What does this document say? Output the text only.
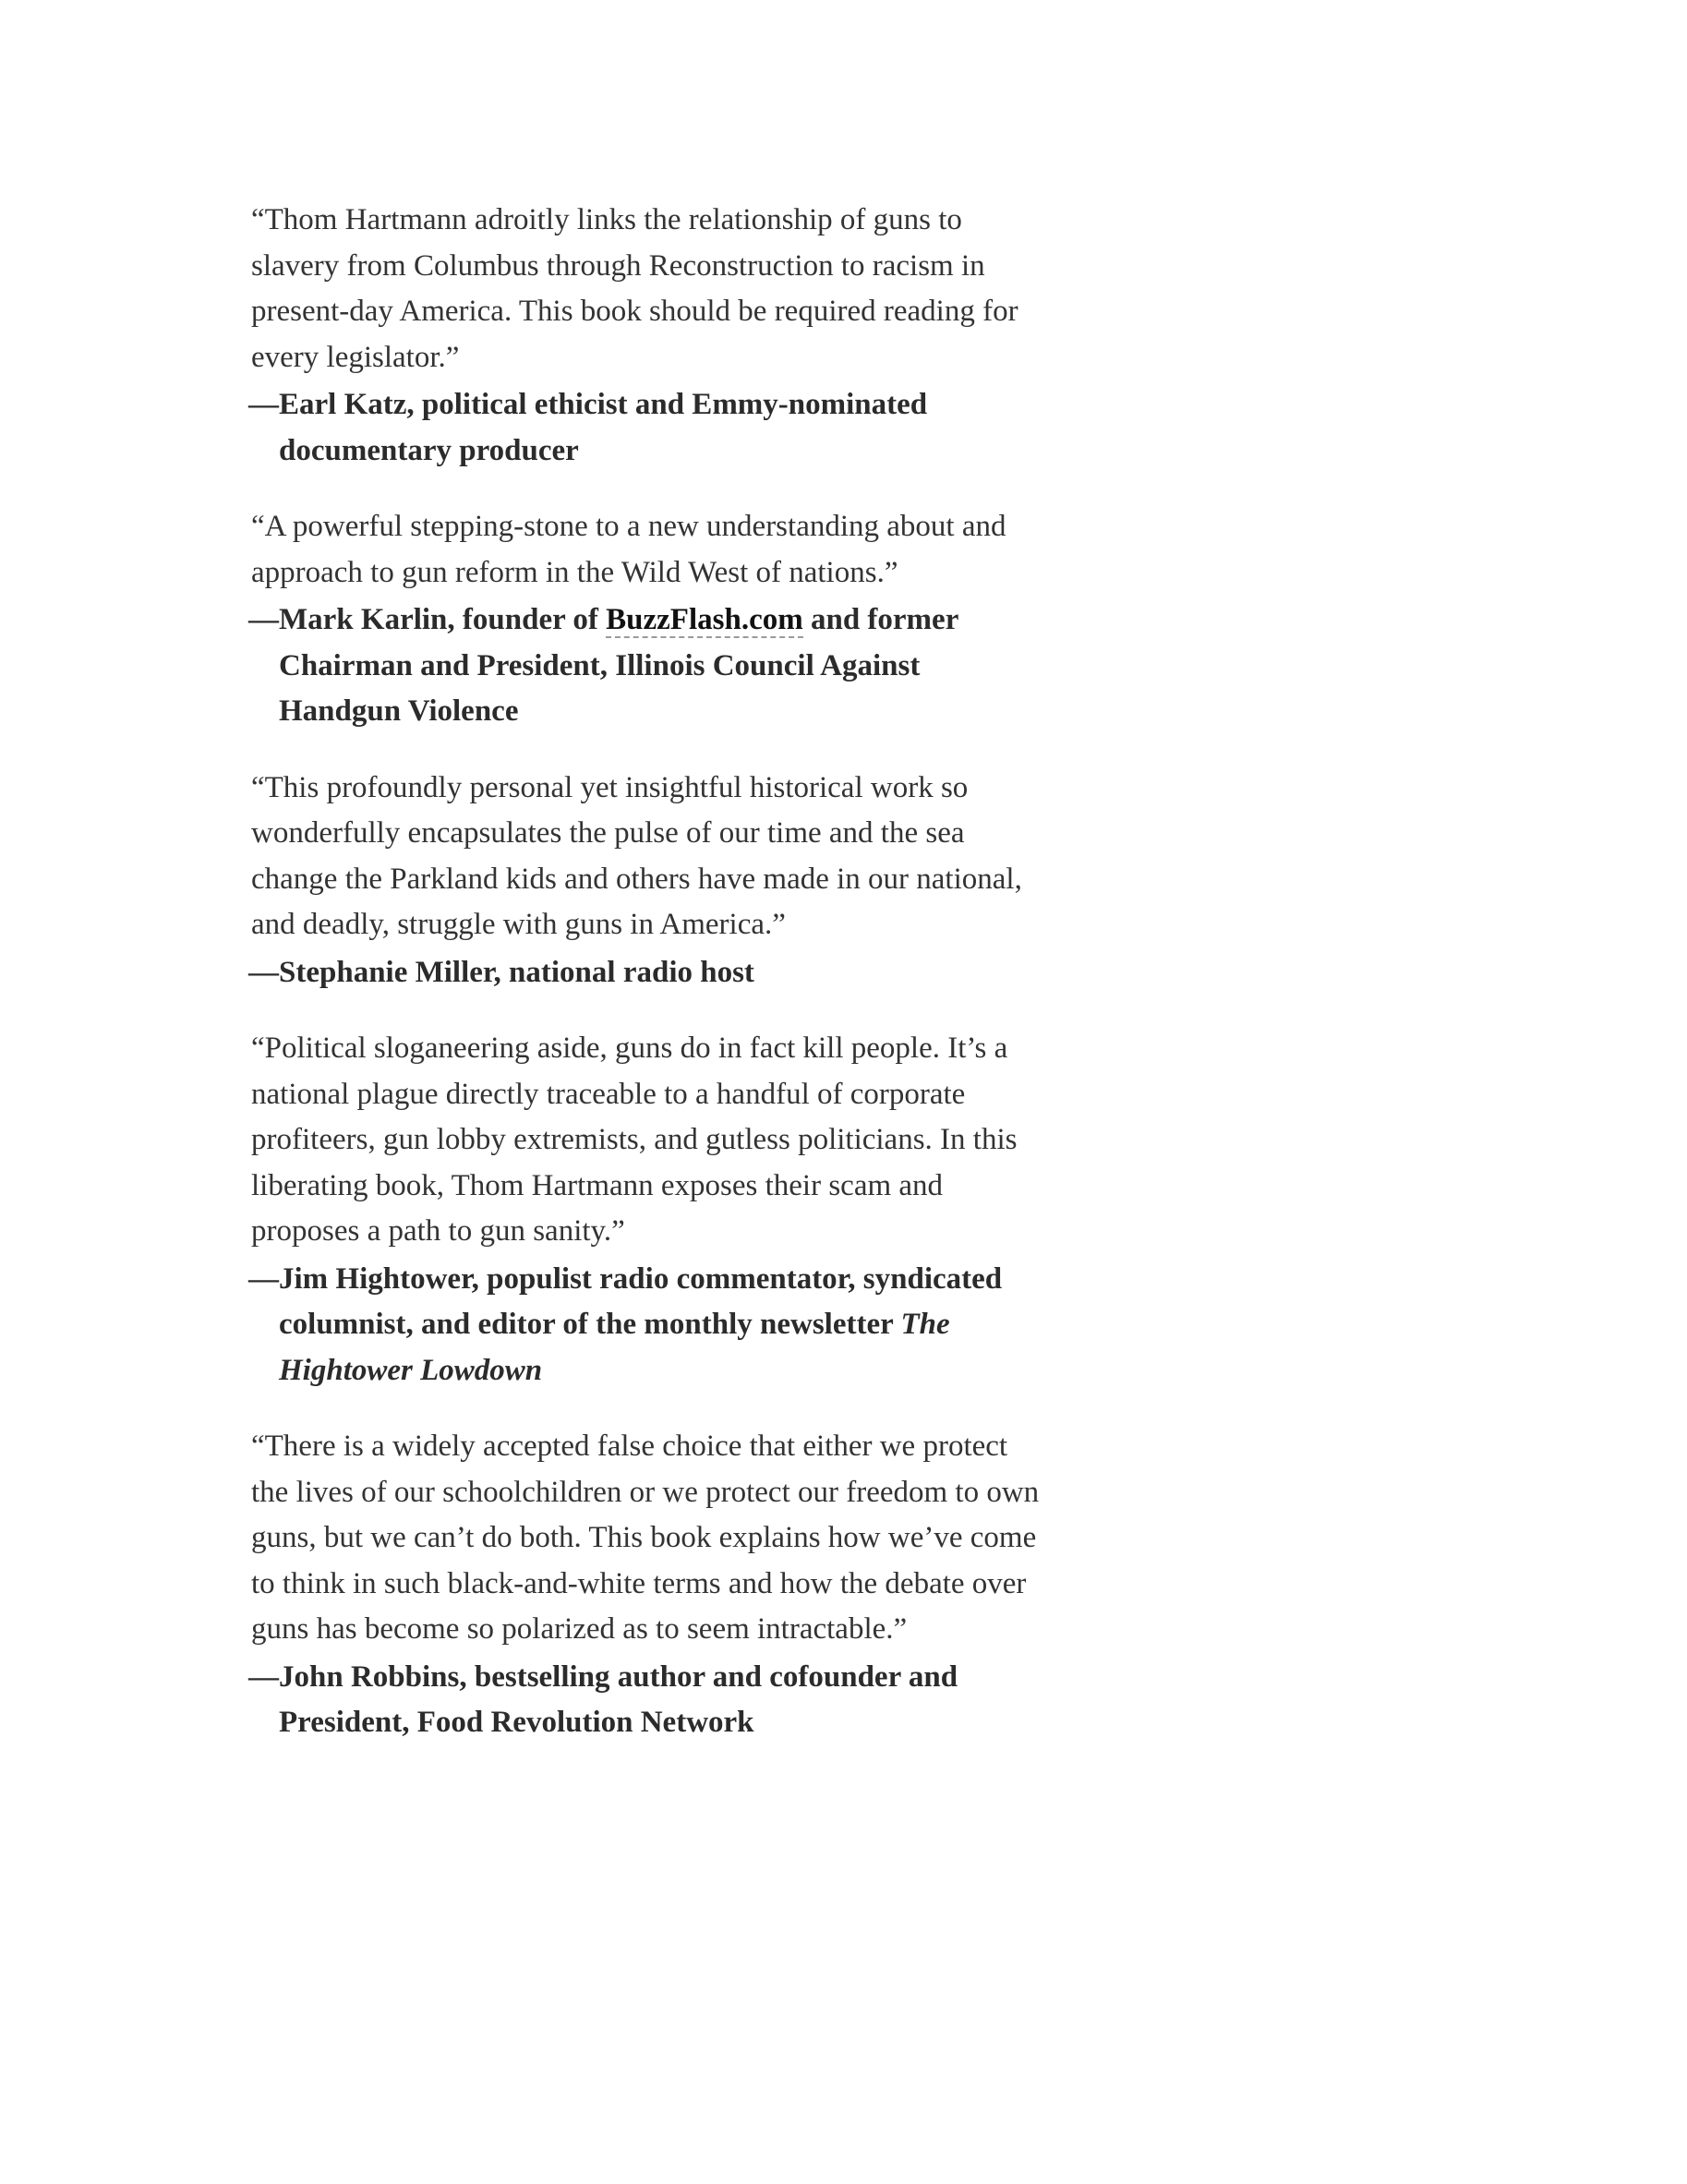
“Thom Hartmann adroitly links the relationship of guns to slavery from Columbus through Reconstruction to racism in present-day America. This book should be required reading for every legislator.”

—Earl Katz, political ethicist and Emmy-nominated documentary producer

“A powerful stepping-stone to a new understanding about and approach to gun reform in the Wild West of nations.”

—Mark Karlin, founder of BuzzFlash.com and former Chairman and President, Illinois Council Against Handgun Violence

“This profoundly personal yet insightful historical work so wonderfully encapsulates the pulse of our time and the sea change the Parkland kids and others have made in our national, and deadly, struggle with guns in America.”

—Stephanie Miller, national radio host

“Political sloganeering aside, guns do in fact kill people. It’s a national plague directly traceable to a handful of corporate profiteers, gun lobby extremists, and gutless politicians. In this liberating book, Thom Hartmann exposes their scam and proposes a path to gun sanity.”

—Jim Hightower, populist radio commentator, syndicated columnist, and editor of the monthly newsletter The Hightower Lowdown

“There is a widely accepted false choice that either we protect the lives of our schoolchildren or we protect our freedom to own guns, but we can’t do both. This book explains how we’ve come to think in such black-and-white terms and how the debate over guns has become so polarized as to seem intractable.”

—John Robbins, bestselling author and cofounder and President, Food Revolution Network
